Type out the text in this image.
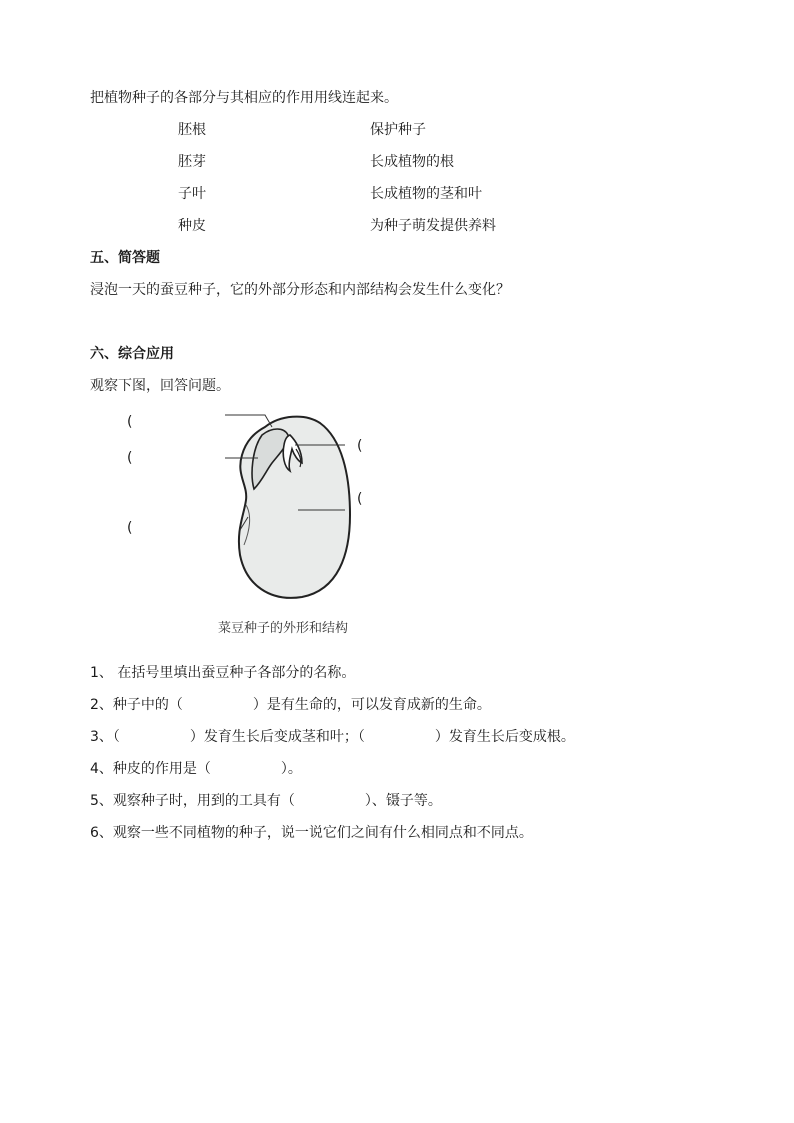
把植物种子的各部分与其相应的作用用线连起来。
胚根
胚芽
子叶
种皮
保护种子
长成植物的根
长成植物的茎和叶
为种子萌发提供养料
五、简答题
浸泡一天的蚕豆种子，它的外部分形态和内部结构会发生什么变化？
六、综合应用
观察下图，回答问题。
(
(
(
(
(
菜豆种子的外形和结构
1、 在括号里填出蚕豆种子各部分的名称。
2、种子中的（　　　　　）是有生命的，可以发育成新的生命。
3、（　　　　　）发育生长后变成茎和叶；（　　　　　）发育生长后变成根。
4、种皮的作用是（　　　　　）。
5、观察种子时，用到的工具有（　　　　　）、镊子等。
6、观察一些不同植物的种子，说一说它们之间有什么相同点和不同点。
